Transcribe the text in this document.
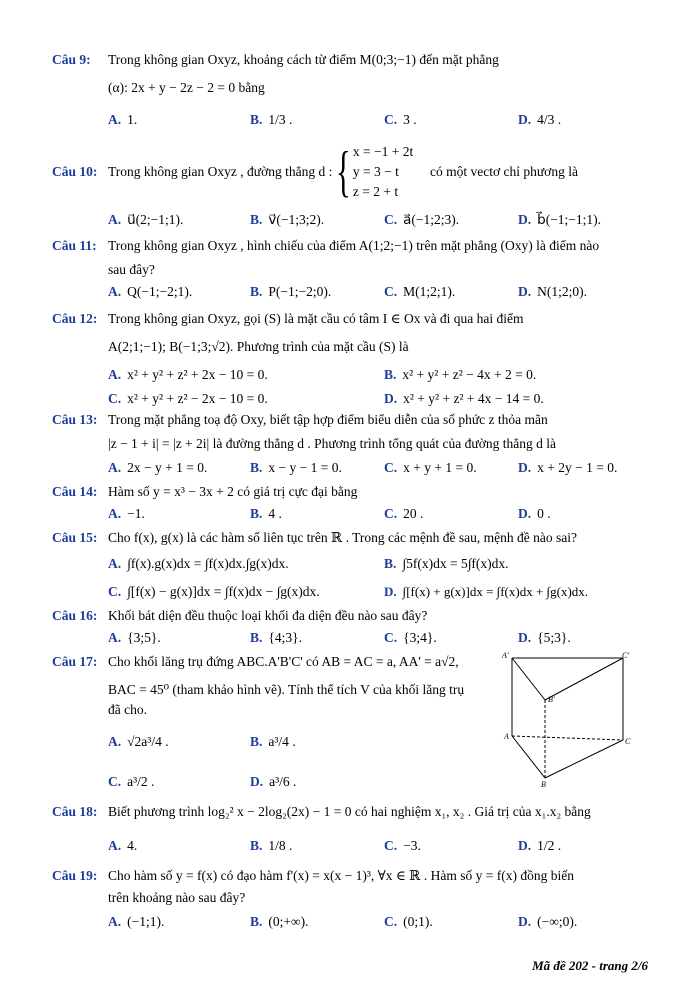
Câu 9: Trong không gian Oxyz, khoảng cách từ điểm M(0;3;−1) đến mặt phẳng
(α): 2x + y − 2z − 2 = 0 bằng
A. 1.	B. 1/3 .	C. 3 .	D. 4/3 .
Câu 10: Trong không gian Oxyz , đường thẳng d : { x = −1 + 2t
y = 3 − t
z = 2 + t
có một vectơ chỉ phương là
A. u⃗(2;−1;1).	B. v⃗(−1;3;2).	C. a⃗(−1;2;3).	D. b⃗(−1;−1;1).
Câu 11: Trong không gian Oxyz , hình chiếu của điểm A(1;2;−1) trên mặt phẳng (Oxy) là điểm nào
sau đây?
A. Q(−1;−2;1).	B. P(−1;−2;0).	C. M(1;2;1).	D. N(1;2;0).
Câu 12: Trong không gian Oxyz, gọi (S) là mặt cầu có tâm I ∈ Ox và đi qua hai điểm
A(2;1;−1); B(−1;3;√2). Phương trình của mặt cầu (S) là
A. x² + y² + z² + 2x − 10 = 0.	B. x² + y² + z² − 4x + 2 = 0.
C. x² + y² + z² − 2x − 10 = 0.	D. x² + y² + z² + 4x − 14 = 0.
Câu 13: Trong mặt phẳng toạ độ Oxy, biết tập hợp điểm biểu diễn của số phức z thỏa mãn
|z − 1 + i| = |z + 2i| là đường thẳng d . Phương trình tổng quát của đường thẳng d là
A. 2x − y + 1 = 0.	B. x − y − 1 = 0.	C. x + y + 1 = 0.	D. x + 2y − 1 = 0.
Câu 14: Hàm số y = x³ − 3x + 2 có giá trị cực đại bằng
A. −1.	B. 4 .	C. 20 .	D. 0 .
Câu 15: Cho f(x), g(x) là các hàm số liên tục trên ℝ . Trong các mệnh đề sau, mệnh đề nào sai?
A. ∫f(x).g(x)dx = ∫f(x)dx.∫g(x)dx.	B. ∫5f(x)dx = 5∫f(x)dx.
C. ∫[f(x) − g(x)]dx = ∫f(x)dx − ∫g(x)dx.	D. ∫[f(x) + g(x)]dx = ∫f(x)dx + ∫g(x)dx.
Câu 16: Khối bát diện đều thuộc loại khối đa diện đều nào sau đây?
A. {3;5}.	B. {4;3}.	C. {3;4}.	D. {5;3}.
Câu 17: Cho khối lăng trụ đứng ABC.A'B'C' có AB = AC = a, AA' = a√2,
BAC = 45⁰ (tham khảo hình vẽ). Tính thể tích V của khối lăng trụ
đã cho.
A. √2a³/4 .	B. a³/4 .
C. a³/2 .	D. a³/6 .
A'	C'
B'
A
C
B
Câu 18: Biết phương trình log₂² x − 2log₂(2x) − 1 = 0 có hai nghiệm x₁, x₂ . Giá trị của x₁.x₂ bằng
A. 4.	B. 1/8 .	C. −3.	D. 1/2 .
Câu 19: Cho hàm số y = f(x) có đạo hàm f'(x) = x(x − 1)³, ∀x ∈ ℝ . Hàm số y = f(x) đồng biến
trên khoảng nào sau đây?
A. (−1;1).	B. (0;+∞).	C. (0;1).	D. (−∞;0).
Mã đề 202 - trang 2/6
